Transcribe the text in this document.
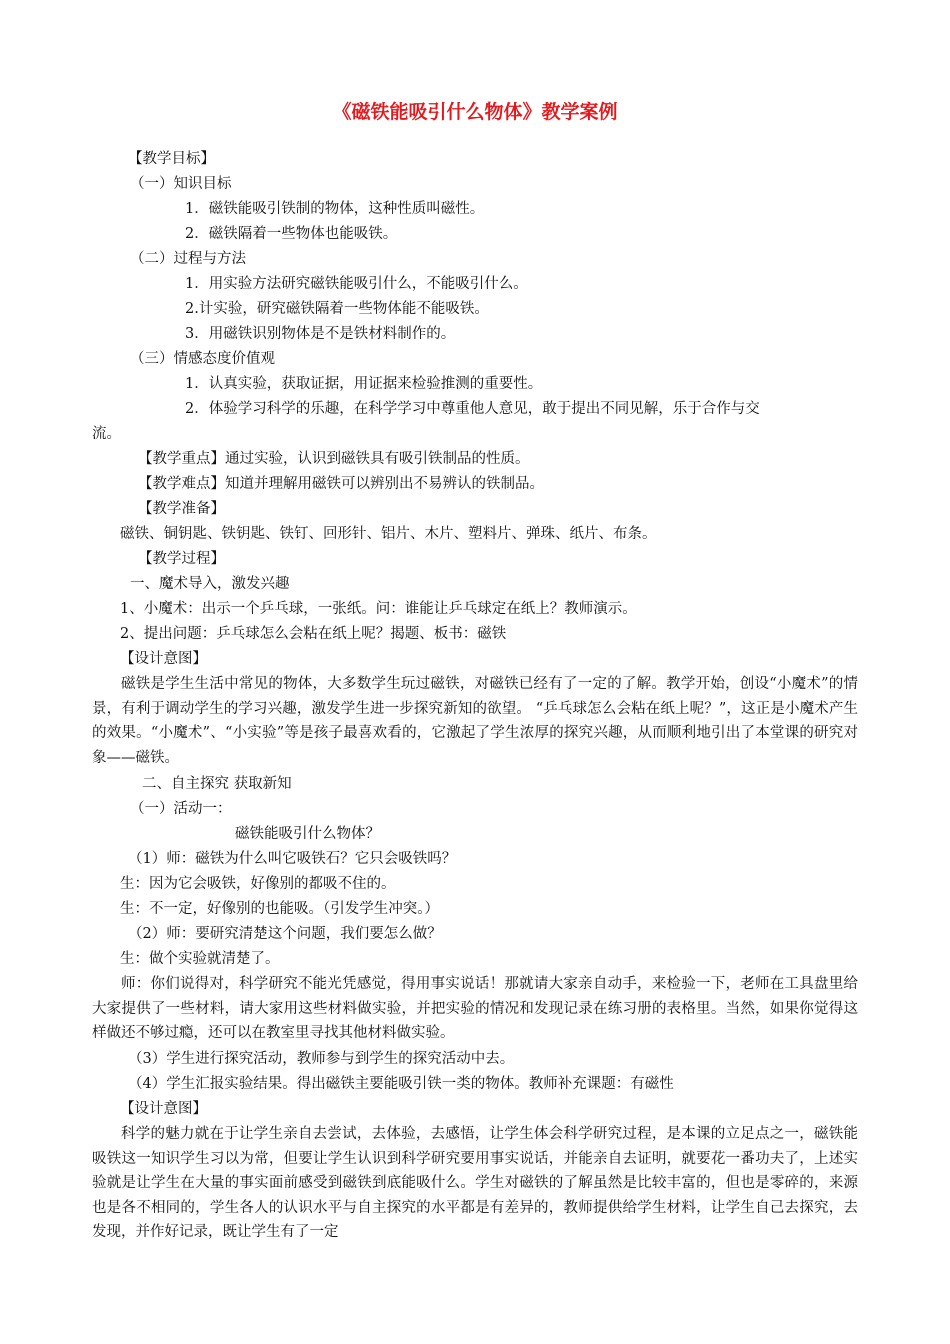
《磁铁能吸引什么物体》教学案例
【教学目标】
（一）知识目标
1．磁铁能吸引铁制的物体，这种性质叫磁性。
2．磁铁隔着一些物体也能吸铁。
（二）过程与方法
1．用实验方法研究磁铁能吸引什么，不能吸引什么。
2.计实验，研究磁铁隔着一些物体能不能吸铁。
3．用磁铁识别物体是不是铁材料制作的。
（三）情感态度价值观
1．认真实验，获取证据，用证据来检验推测的重要性。
2．体验学习科学的乐趣，在科学学习中尊重他人意见，敢于提出不同见解，乐于合作与交
流。
【教学重点】通过实验，认识到磁铁具有吸引铁制品的性质。
【教学难点】知道并理解用磁铁可以辨别出不易辨认的铁制品。
【教学准备】
磁铁、铜钥匙、铁钥匙、铁钉、回形针、铝片、木片、塑料片、弹珠、纸片、布条。
【教学过程】
一、魔术导入，激发兴趣
1、小魔术：出示一个乒乓球，一张纸。问：谁能让乒乓球定在纸上？教师演示。
2、提出问题：乒乓球怎么会粘在纸上呢？揭题、板书：磁铁
【设计意图】
磁铁是学生生活中常见的物体，大多数学生玩过磁铁，对磁铁已经有了一定的了解。教学开始，创设“小魔术”的情景，有利于调动学生的学习兴趣，激发学生进一步探究新知的欲望。 “乒乓球怎么会粘在纸上呢？”，这正是小魔术产生的效果。“小魔术”、“小实验”等是孩子最喜欢看的，它激起了学生浓厚的探究兴趣，从而顺利地引出了本堂课的研究对象——磁铁。
二、自主探究 获取新知
（一）活动一：
磁铁能吸引什么物体？
（1）师：磁铁为什么叫它吸铁石？它只会吸铁吗？
生：因为它会吸铁，好像别的都吸不住的。
生：不一定，好像别的也能吸。（引发学生冲突。）
（2）师：要研究清楚这个问题，我们要怎么做？
生：做个实验就清楚了。
师：你们说得对，科学研究不能光凭感觉，得用事实说话！那就请大家亲自动手，来检验一下，老师在工具盘里给大家提供了一些材料，请大家用这些材料做实验，并把实验的情况和发现记录在练习册的表格里。当然，如果你觉得这样做还不够过瘾，还可以在教室里寻找其他材料做实验。
（3）学生进行探究活动，教师参与到学生的探究活动中去。
（4）学生汇报实验结果。得出磁铁主要能吸引铁一类的物体。教师补充课题：有磁性
【设计意图】
科学的魅力就在于让学生亲自去尝试，去体验，去感悟，让学生体会科学研究过程，是本课的立足点之一，磁铁能吸铁这一知识学生习以为常，但要让学生认识到科学研究要用事实说话，并能亲自去证明，就要花一番功夫了，上述实验就是让学生在大量的事实面前感受到磁铁到底能吸什么。学生对磁铁的了解虽然是比较丰富的，但也是零碎的，来源也是各不相同的，学生各人的认识水平与自主探究的水平都是有差异的，教师提供给学生材料，让学生自己去探究，去发现，并作好记录，既让学生有了一定
